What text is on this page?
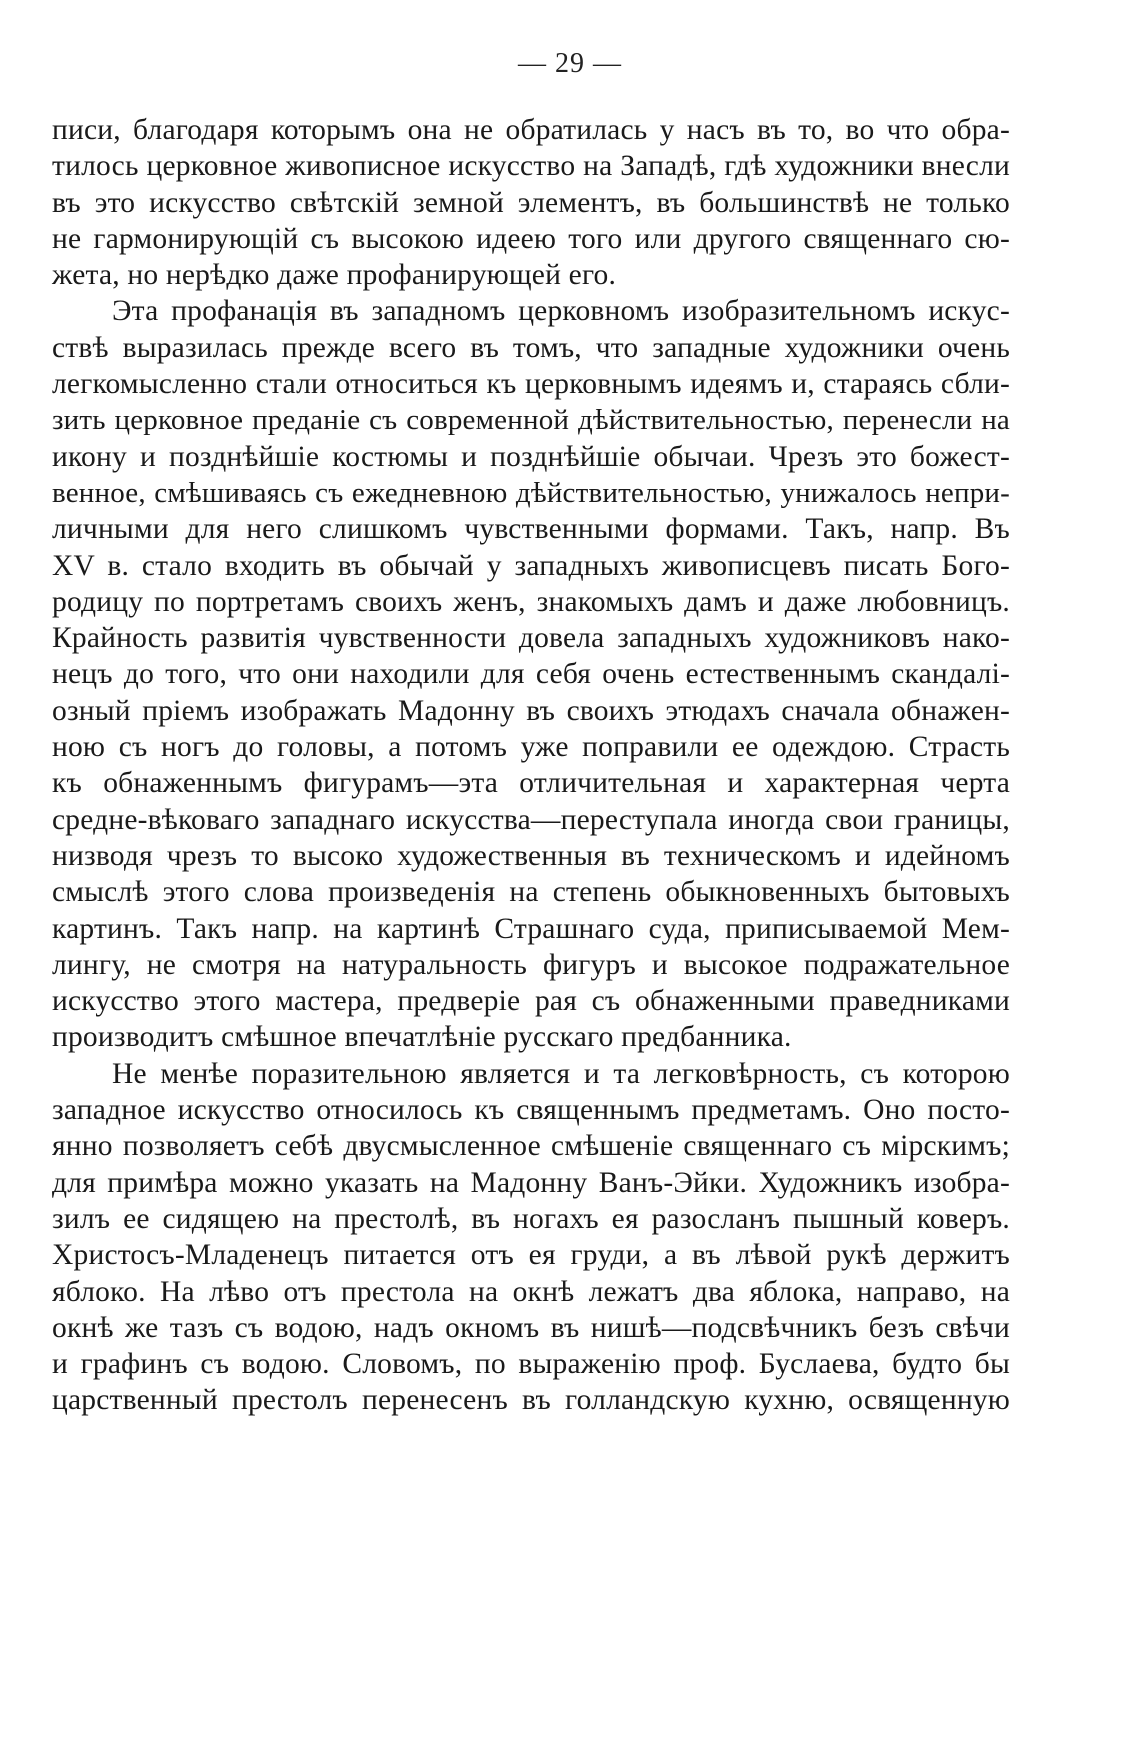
— 29 —
писи, благодаря которымъ она не обратилась у насъ въ то, во что обра-
тилось церковное живописное искусство на Западѣ, гдѣ художники внесли
въ это искусство свѣтскій земной элементъ, въ большинствѣ не только
не гармонирующій съ высокою идеею того или другого священнаго сю-
жета, но нерѣдко даже профанирующей его.
Эта профанація въ западномъ церковномъ изобразительномъ искус-
ствѣ выразилась прежде всего въ томъ, что западные художники очень
легкомысленно стали относиться къ церковнымъ идеямъ и, стараясь сбли-
зить церковное преданіе съ современной дѣйствительностью, перенесли на
икону и позднѣйшіе костюмы и позднѣйшіе обычаи. Чрезъ это божест-
венное, смѣшиваясь съ ежедневною дѣйствительностью, унижалось непри-
личными для него слишкомъ чувственными формами. Такъ, напр. Въ
XV в. стало входить въ обычай у западныхъ живописцевъ писать Бого-
родицу по портретамъ своихъ женъ, знакомыхъ дамъ и даже любовницъ.
Крайность развитія чувственности довела западныхъ художниковъ нако-
нецъ до того, что они находили для себя очень естественнымъ скандалі-
озный пріемъ изображать Мадонну въ своихъ этюдахъ сначала обнажен-
ною съ ногъ до головы, а потомъ уже поправили ее одеждою. Страсть
къ обнаженнымъ фигурамъ—эта отличительная и характерная черта
средне-вѣковаго западнаго искусства—переступала иногда свои границы,
низводя чрезъ то высоко художественныя въ техническомъ и идейномъ
смыслѣ этого слова произведенія на степень обыкновенныхъ бытовыхъ
картинъ. Такъ напр. на картинѣ Страшнаго суда, приписываемой Мем-
лингу, не смотря на натуральность фигуръ и высокое подражательное
искусство этого мастера, предверіе рая съ обнаженными праведниками
производитъ смѣшное впечатлѣніе русскаго предбанника.
Не менѣе поразительною является и та легковѣрность, съ которою
западное искусство относилось къ священнымъ предметамъ. Оно посто-
янно позволяетъ себѣ двусмысленное смѣшеніе священнаго съ мірскимъ;
для примѣра можно указать на Мадонну Ванъ-Эйки. Художникъ изобра-
зилъ ее сидящею на престолѣ, въ ногахъ ея разосланъ пышный коверъ.
Христосъ-Младенецъ питается отъ ея груди, а въ лѣвой рукѣ держитъ
яблоко. На лѣво отъ престола на окнѣ лежатъ два яблока, направо, на
окнѣ же тазъ съ водою, надъ окномъ въ нишѣ—подсвѣчникъ безъ свѣчи
и графинъ съ водою. Словомъ, по выраженію проф. Буслаева, будто бы
царственный престолъ перенесенъ въ голландскую кухню, освященную
